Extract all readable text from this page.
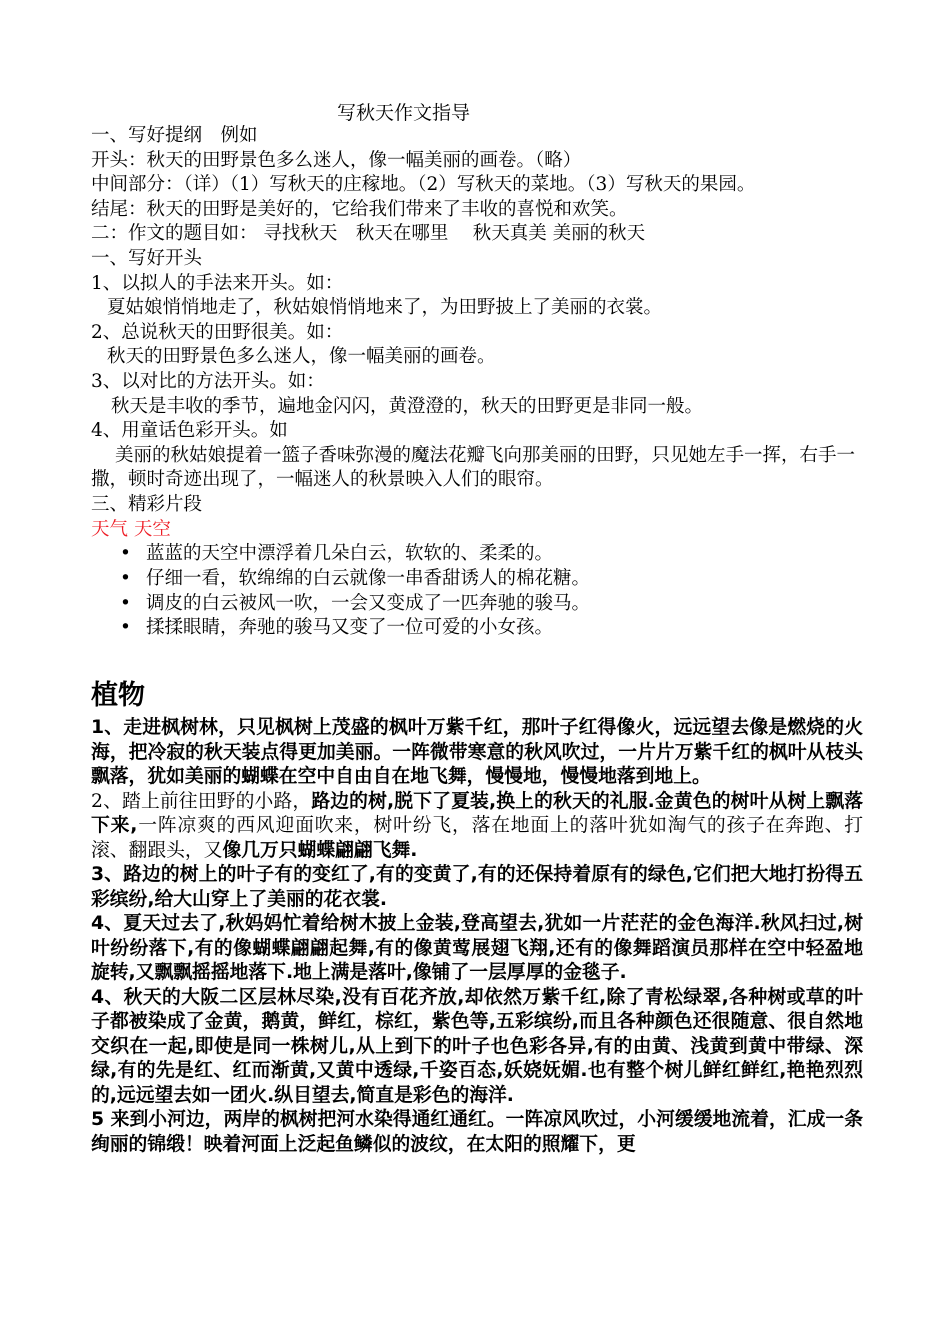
写秋天作文指导

一、写好提纲　例如

开头：秋天的田野景色多么迷人，像一幅美丽的画卷。（略）

中间部分：（详）（1）写秋天的庄稼地。（2）写秋天的菜地。（3）写秋天的果园。

结尾：秋天的田野是美好的，它给我们带来了丰收的喜悦和欢笑。

二：作文的题目如： 寻找秋天　秋天在哪里　 秋天真美 美丽的秋天

一、写好开头

1、以拟人的手法来开头。如：

夏姑娘悄悄地走了，秋姑娘悄悄地来了，为田野披上了美丽的衣裳。

2、总说秋天的田野很美。如：

秋天的田野景色多么迷人，像一幅美丽的画卷。

3、以对比的方法开头。如：

秋天是丰收的季节，遍地金闪闪，黄澄澄的，秋天的田野更是非同一般。

4、用童话色彩开头。如

美丽的秋姑娘提着一篮子香味弥漫的魔法花瓣飞向那美丽的田野，只见她左手一挥，右手一撒，顿时奇迹出现了，一幅迷人的秋景映入人们的眼帘。

三、精彩片段

天气 天空

• 蓝蓝的天空中漂浮着几朵白云，软软的、柔柔的。
• 仔细一看，软绵绵的白云就像一串香甜诱人的棉花糖。
• 调皮的白云被风一吹，一会又变成了一匹奔驰的骏马。
• 揉揉眼睛，奔驰的骏马又变了一位可爱的小女孩。
植物

1、走进枫树林，只见枫树上茂盛的枫叶万紫千红，那叶子红得像火，远远望去像是燃烧的火海，把冷寂的秋天装点得更加美丽。一阵微带寒意的秋风吹过，一片片万紫千红的枫叶从枝头飘落，犹如美丽的蝴蝶在空中自由自在地飞舞，慢慢地，慢慢地落到地上。

2、踏上前往田野的小路，路边的树,脱下了夏装,换上的秋天的礼服.金黄色的树叶从树上飘落下来,一阵凉爽的西风迎面吹来，树叶纷飞，落在地面上的落叶犹如淘气的孩子在奔跑、打滚、翻跟头，又像几万只蝴蝶翩翩飞舞.

3、路边的树上的叶子有的变红了,有的变黄了,有的还保持着原有的绿色,它们把大地打扮得五彩缤纷,给大山穿上了美丽的花衣裳.

4、夏天过去了,秋妈妈忙着给树木披上金装,登高望去,犹如一片茫茫的金色海洋.秋风扫过,树叶纷纷落下,有的像蝴蝶翩翩起舞,有的像黄莺展翅飞翔,还有的像舞蹈演员那样在空中轻盈地旋转,又飘飘摇摇地落下.地上满是落叶,像铺了一层厚厚的金毯子.

4、秋天的大阪二区层林尽染,没有百花齐放,却依然万紫千红,除了青松绿翠,各种树或草的叶子都被染成了金黄，鹅黄，鲜红，棕红，紫色等,五彩缤纷,而且各种颜色还很随意、很自然地交织在一起,即使是同一株树儿,从上到下的叶子也色彩各异,有的由黄、浅黄到黄中带绿、深绿,有的先是红、红而渐黄,又黄中透绿,千姿百态,妖娆妩媚.也有整个树儿鲜红鲜红,艳艳烈烈的,远远望去如一团火.纵目望去,简直是彩色的海洋.

5 来到小河边，两岸的枫树把河水染得通红通红。一阵凉风吹过，小河缓缓地流着，汇成一条绚丽的锦缎！映着河面上泛起鱼鳞似的波纹，在太阳的照耀下，更
